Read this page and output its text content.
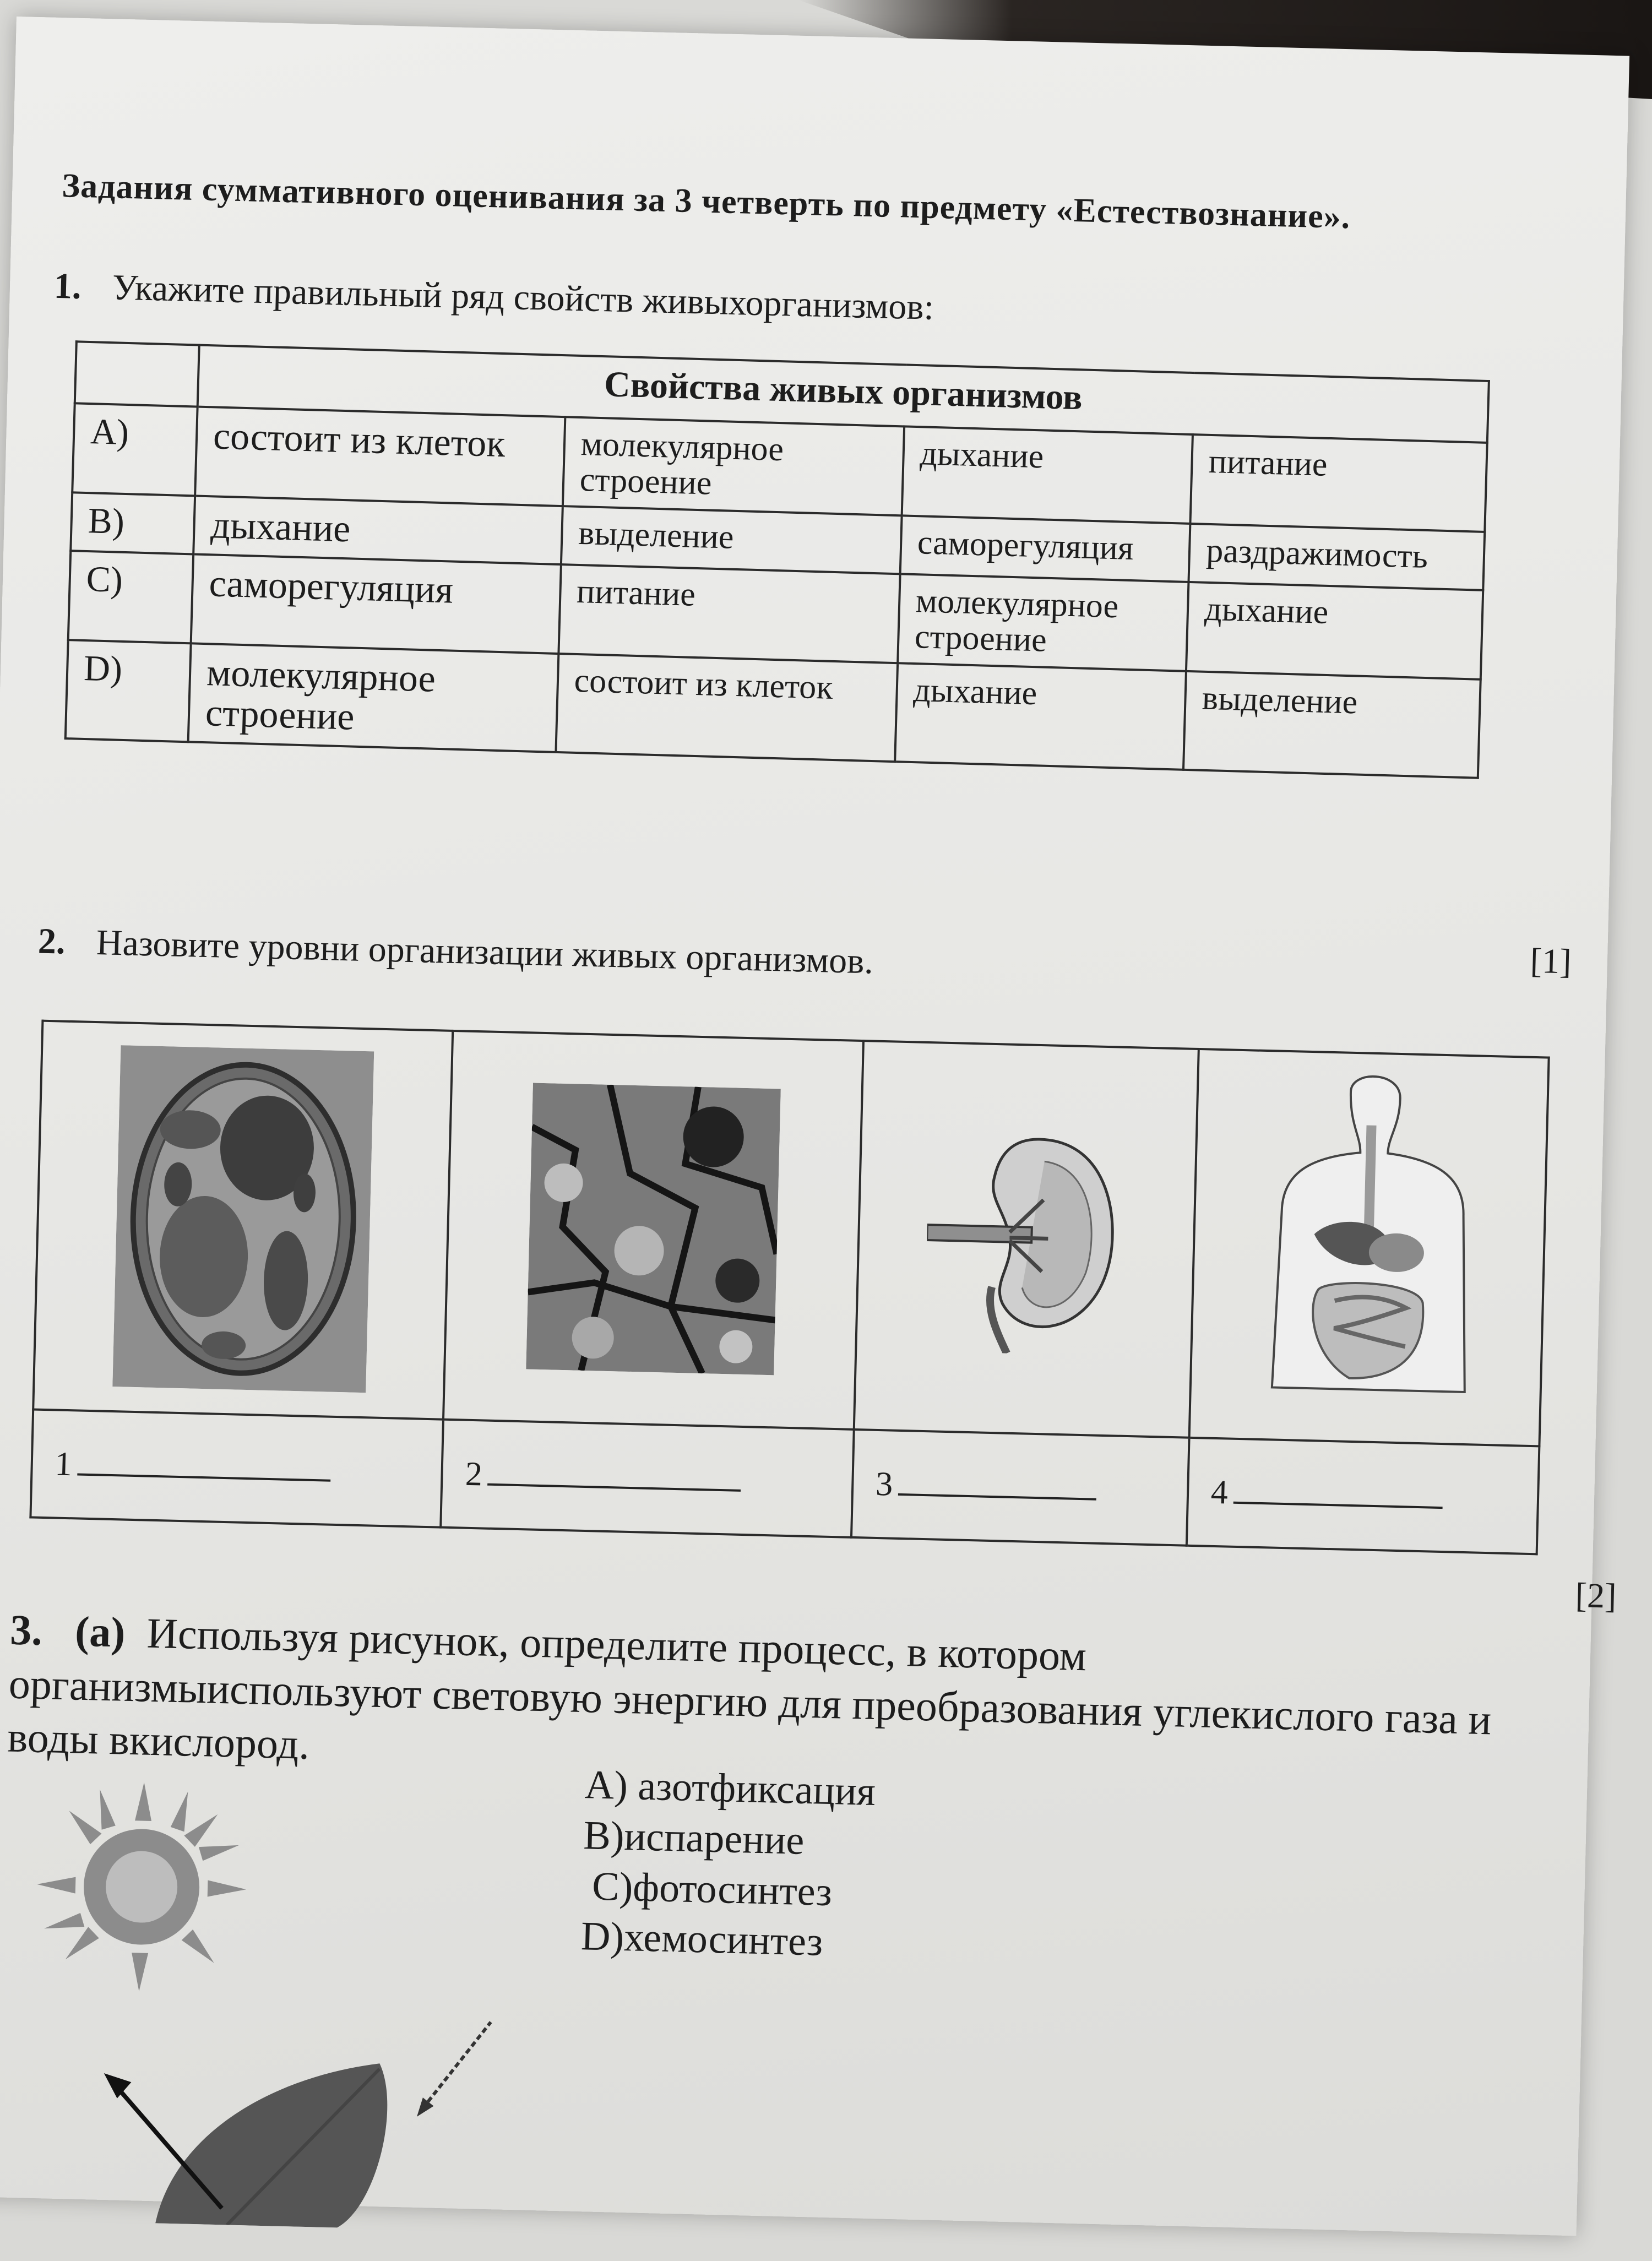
Задания суммативного оценивания за 3 четверть по предмету «Естествознание».
1. Укажите правильный ряд свойств живыхорганизмов:
	Свойства живых организмов			
A)	состоит из клеток	молекулярное строение	дыхание	питание
B)	дыхание	выделение	саморегуляция	раздражимость
C)	саморегуляция	питание	молекулярное строение	дыхание
D)	молекулярное строение	состоит из клеток	дыхание	выделение
[1]
2. Назовите уровни организации живых организмов.

1	2	3	4
[2]
3. (a) Используя рисунок, определите процесс, в котором организмыиспользуют световую энергию для преобразования углекислого газа и воды вкислород.
A) азотфиксация
B)испарение
C)фотосинтез
D)хемосинтез
